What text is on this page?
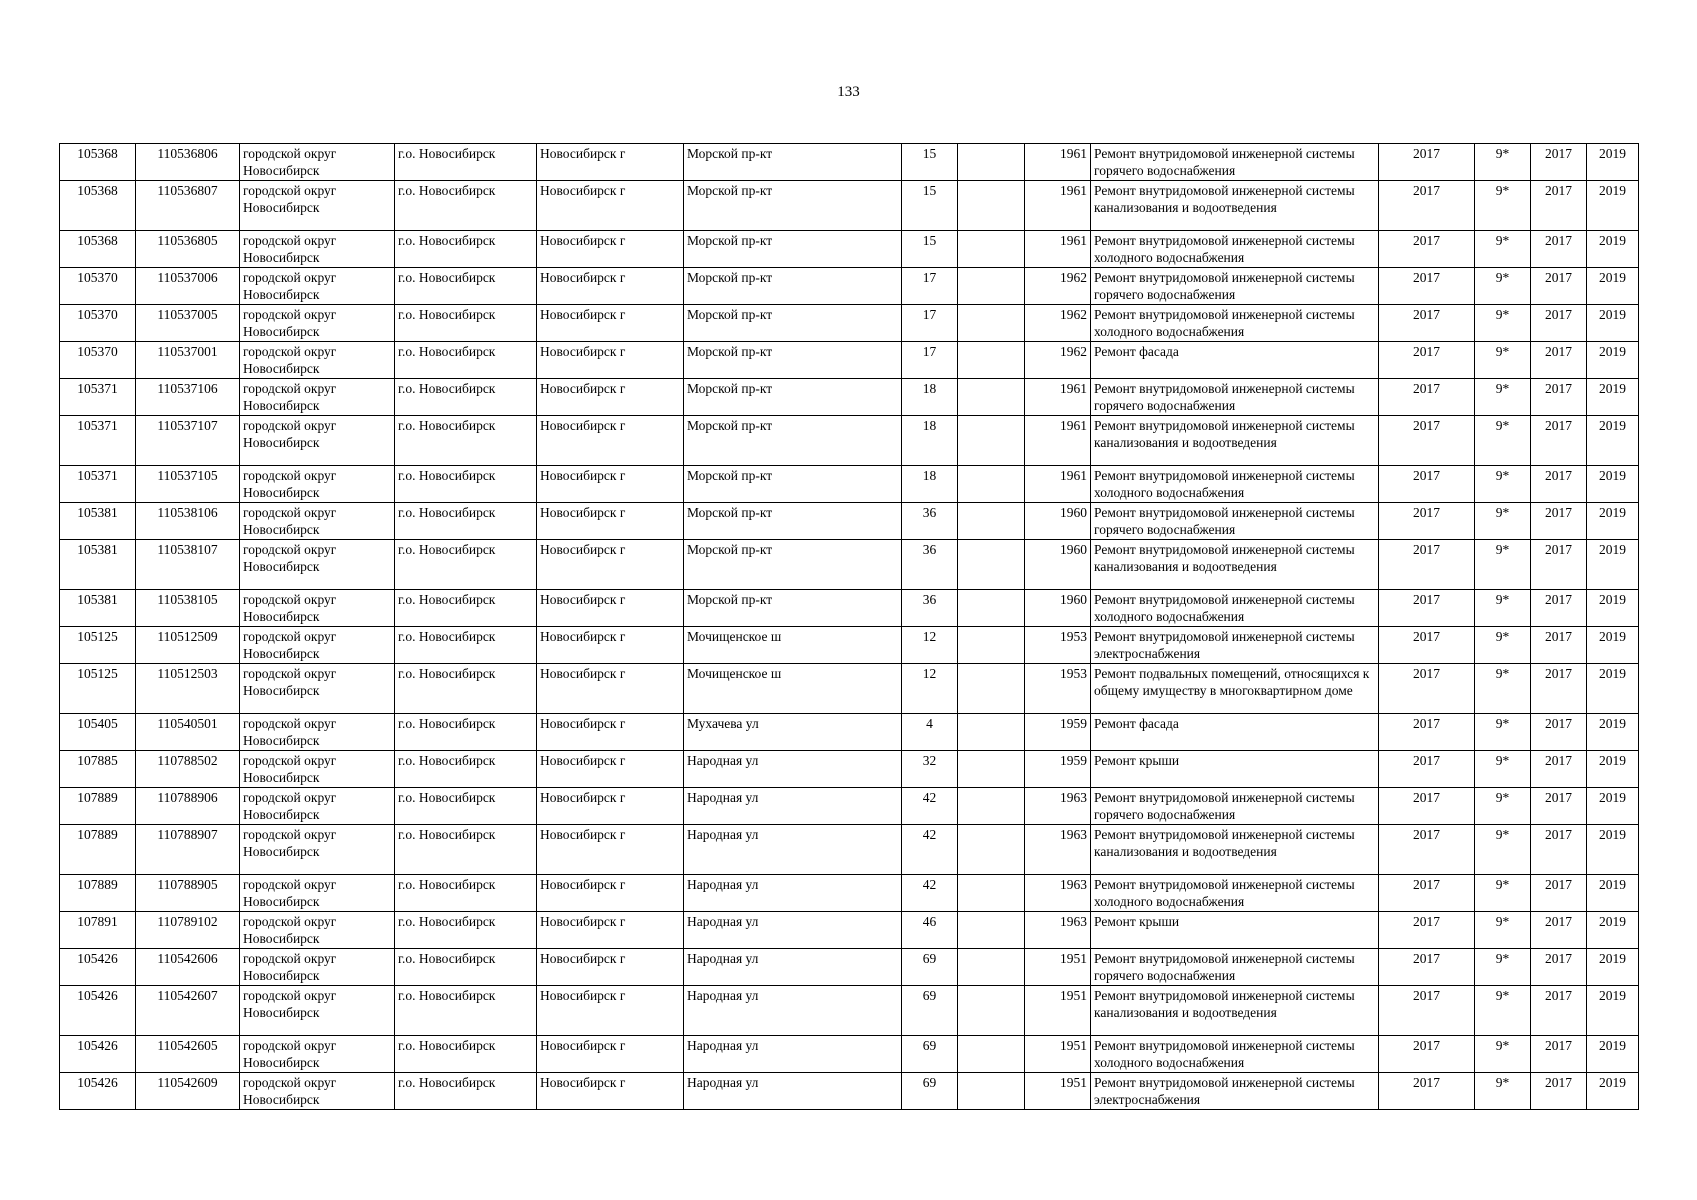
133
105368	110536806	городской округ Новосибирск	г.о. Новосибирск	Новосибирск г	Морской пр-кт	15		1961	Ремонт внутридомовой инженерной системы горячего водоснабжения	2017	9*	2017	2019
105368	110536807	городской округ Новосибирск	г.о. Новосибирск	Новосибирск г	Морской пр-кт	15		1961	Ремонт внутридомовой инженерной системы канализования и водоотведения	2017	9*	2017	2019
105368	110536805	городской округ Новосибирск	г.о. Новосибирск	Новосибирск г	Морской пр-кт	15		1961	Ремонт внутридомовой инженерной системы холодного водоснабжения	2017	9*	2017	2019
105370	110537006	городской округ Новосибирск	г.о. Новосибирск	Новосибирск г	Морской пр-кт	17		1962	Ремонт внутридомовой инженерной системы горячего водоснабжения	2017	9*	2017	2019
105370	110537005	городской округ Новосибирск	г.о. Новосибирск	Новосибирск г	Морской пр-кт	17		1962	Ремонт внутридомовой инженерной системы холодного водоснабжения	2017	9*	2017	2019
105370	110537001	городской округ Новосибирск	г.о. Новосибирск	Новосибирск г	Морской пр-кт	17		1962	Ремонт фасада	2017	9*	2017	2019
105371	110537106	городской округ Новосибирск	г.о. Новосибирск	Новосибирск г	Морской пр-кт	18		1961	Ремонт внутридомовой инженерной системы горячего водоснабжения	2017	9*	2017	2019
105371	110537107	городской округ Новосибирск	г.о. Новосибирск	Новосибирск г	Морской пр-кт	18		1961	Ремонт внутридомовой инженерной системы канализования и водоотведения	2017	9*	2017	2019
105371	110537105	городской округ Новосибирск	г.о. Новосибирск	Новосибирск г	Морской пр-кт	18		1961	Ремонт внутридомовой инженерной системы холодного водоснабжения	2017	9*	2017	2019
105381	110538106	городской округ Новосибирск	г.о. Новосибирск	Новосибирск г	Морской пр-кт	36		1960	Ремонт внутридомовой инженерной системы горячего водоснабжения	2017	9*	2017	2019
105381	110538107	городской округ Новосибирск	г.о. Новосибирск	Новосибирск г	Морской пр-кт	36		1960	Ремонт внутридомовой инженерной системы канализования и водоотведения	2017	9*	2017	2019
105381	110538105	городской округ Новосибирск	г.о. Новосибирск	Новосибирск г	Морской пр-кт	36		1960	Ремонт внутридомовой инженерной системы холодного водоснабжения	2017	9*	2017	2019
105125	110512509	городской округ Новосибирск	г.о. Новосибирск	Новосибирск г	Мочищенское ш	12		1953	Ремонт внутридомовой инженерной системы электроснабжения	2017	9*	2017	2019
105125	110512503	городской округ Новосибирск	г.о. Новосибирск	Новосибирск г	Мочищенское ш	12		1953	Ремонт подвальных помещений, относящихся к общему имуществу в многоквартирном доме	2017	9*	2017	2019
105405	110540501	городской округ Новосибирск	г.о. Новосибирск	Новосибирск г	Мухачева ул	4		1959	Ремонт фасада	2017	9*	2017	2019
107885	110788502	городской округ Новосибирск	г.о. Новосибирск	Новосибирск г	Народная ул	32		1959	Ремонт крыши	2017	9*	2017	2019
107889	110788906	городской округ Новосибирск	г.о. Новосибирск	Новосибирск г	Народная ул	42		1963	Ремонт внутридомовой инженерной системы горячего водоснабжения	2017	9*	2017	2019
107889	110788907	городской округ Новосибирск	г.о. Новосибирск	Новосибирск г	Народная ул	42		1963	Ремонт внутридомовой инженерной системы канализования и водоотведения	2017	9*	2017	2019
107889	110788905	городской округ Новосибирск	г.о. Новосибирск	Новосибирск г	Народная ул	42		1963	Ремонт внутридомовой инженерной системы холодного водоснабжения	2017	9*	2017	2019
107891	110789102	городской округ Новосибирск	г.о. Новосибирск	Новосибирск г	Народная ул	46		1963	Ремонт крыши	2017	9*	2017	2019
105426	110542606	городской округ Новосибирск	г.о. Новосибирск	Новосибирск г	Народная ул	69		1951	Ремонт внутридомовой инженерной системы горячего водоснабжения	2017	9*	2017	2019
105426	110542607	городской округ Новосибирск	г.о. Новосибирск	Новосибирск г	Народная ул	69		1951	Ремонт внутридомовой инженерной системы канализования и водоотведения	2017	9*	2017	2019
105426	110542605	городской округ Новосибирск	г.о. Новосибирск	Новосибирск г	Народная ул	69		1951	Ремонт внутридомовой инженерной системы холодного водоснабжения	2017	9*	2017	2019
105426	110542609	городской округ Новосибирск	г.о. Новосибирск	Новосибирск г	Народная ул	69		1951	Ремонт внутридомовой инженерной системы электроснабжения	2017	9*	2017	2019
